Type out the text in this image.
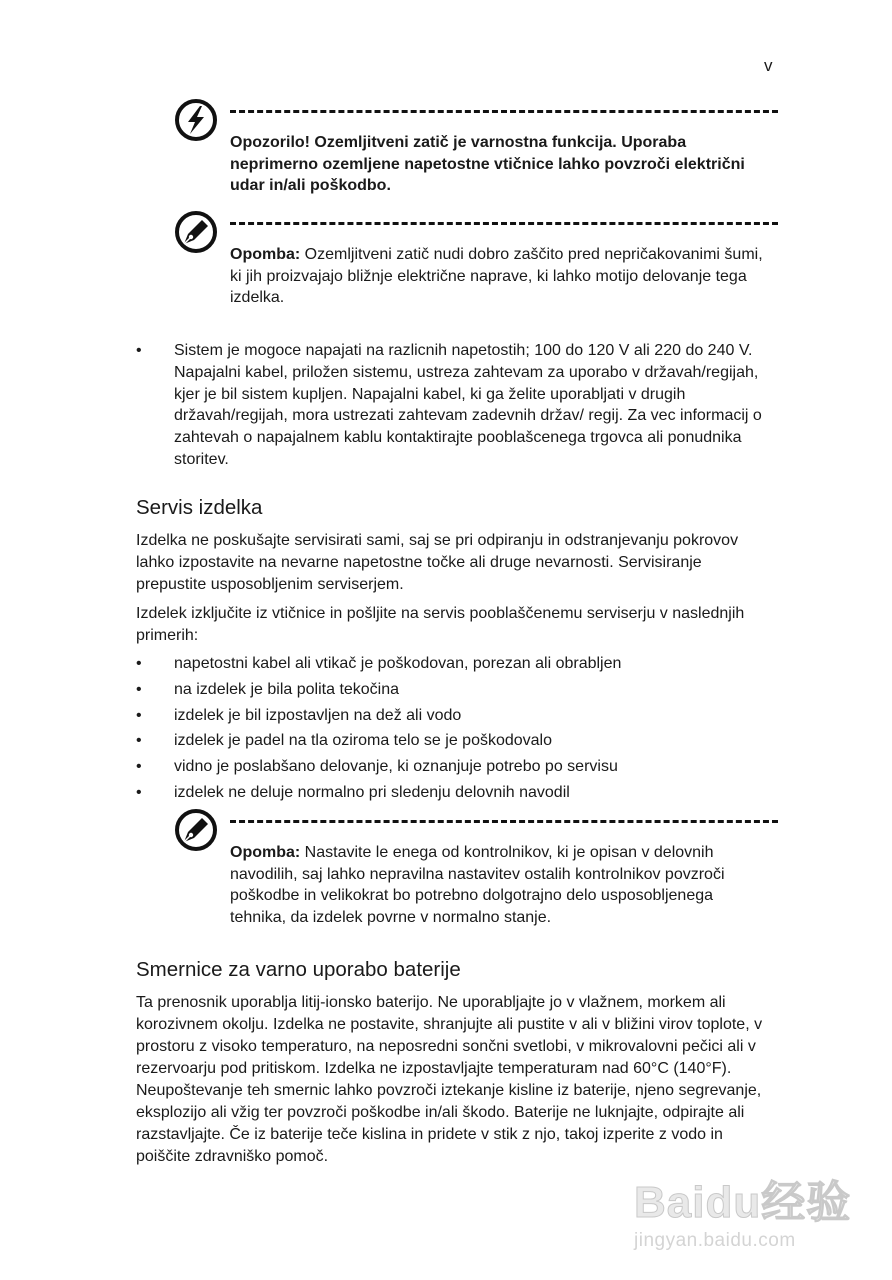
v
Opozorilo! Ozemljitveni zatič je varnostna funkcija. Uporaba neprimerno ozemljene napetostne vtičnice lahko povzroči električni udar in/ali poškodbo.
Opomba: Ozemljitveni zatič nudi dobro zaščito pred nepričakovanimi šumi, ki jih proizvajajo bližnje električne naprave, ki lahko motijo delovanje tega izdelka.
• Sistem je mogoce napajati na razlicnih napetostih; 100 do 120 V ali 220 do 240 V. Napajalni kabel, priložen sistemu, ustreza zahtevam za uporabo v državah/regijah, kjer je bil sistem kupljen. Napajalni kabel, ki ga želite uporabljati v drugih državah/regijah, mora ustrezati zahtevam zadevnih držav/ regij. Za vec informacij o zahtevah o napajalnem kablu kontaktirajte pooblašcenega trgovca ali ponudnika storitev.
Servis izdelka

Izdelka ne poskušajte servisirati sami, saj se pri odpiranju in odstranjevanju pokrovov lahko izpostavite na nevarne napetostne točke ali druge nevarnosti. Servisiranje prepustite usposobljenim serviserjem.

Izdelek izključite iz vtičnice in pošljite na servis pooblaščenemu serviserju v naslednjih primerih:

• napetostni kabel ali vtikač je poškodovan, porezan ali obrabljen
• na izdelek je bila polita tekočina
• izdelek je bil izpostavljen na dež ali vodo
• izdelek je padel na tla oziroma telo se je poškodovalo
• vidno je poslabšano delovanje, ki oznanjuje potrebo po servisu
• izdelek ne deluje normalno pri sledenju delovnih navodil
Opomba: Nastavite le enega od kontrolnikov, ki je opisan v delovnih navodilih, saj lahko nepravilna nastavitev ostalih kontrolnikov povzroči poškodbe in velikokrat bo potrebno dolgotrajno delo usposobljenega tehnika, da izdelek povrne v normalno stanje.
Smernice za varno uporabo baterije

Ta prenosnik uporablja litij-ionsko baterijo. Ne uporabljajte jo v vlažnem, morkem ali korozivnem okolju. Izdelka ne postavite, shranjujte ali pustite v ali v bližini virov toplote, v prostoru z visoko temperaturo, na neposredni sončni svetlobi, v mikrovalovni pečici ali v rezervoarju pod pritiskom. Izdelka ne izpostavljajte temperaturam nad 60°C (140°F). Neupoštevanje teh smernic lahko povzroči iztekanje kisline iz baterije, njeno segrevanje, eksplozijo ali vžig ter povzroči poškodbe in/ali škodo. Baterije ne luknjajte, odpirajte ali razstavljajte. Če iz baterije teče kislina in pridete v stik z njo, takoj izperite z vodo in poiščite zdravniško pomoč.

Baidu经验
jingyan.baidu.com
